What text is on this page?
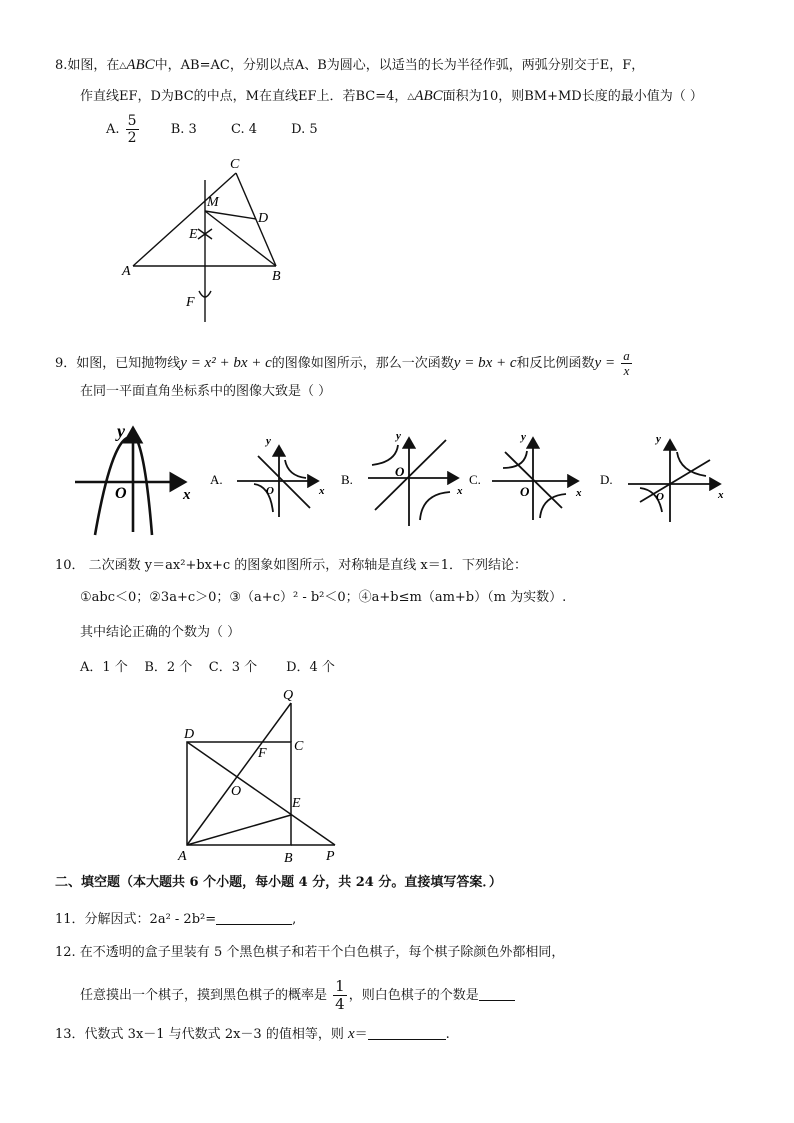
8.如图，在△ABC中，AB=AC，分别以点A、B为圆心，以适当的长为半径作弧，两弧分别交于E，F，
作直线EF，D为BC的中点，M在直线EF上．若BC=4，△ABC面积为10，则BM+MD长度的最小值为（ ）
A. $\frac{5}{2} B$. 3	C. 4	D. 5
C
M
D
E
A	B
F
9．如图，已知抛物线y = x² + bx + c的图像如图所示，那么一次函数y = bx + c和反比例函数$y = \frac{a}{x}$
在同一平面直角坐标系中的图像大致是（ ）
y
O	x
A.
y
O	x
B.
y
O
x
C.
y
O	x
D.
y
O	x
10． 二次函数 y＝ax²+bx+c 的图象如图所示，对称轴是直线 x＝1．下列结论：
①abc＜0；②3a+c＞0；③（a+c）² - b²＜0；④a+b≤m（am+b）（m 为实数）.
其中结论正确的个数为（ ）
A．1 个    B．2 个    C．3 个       D．4 个
Q
D
C
F
O
E
A	B P
二、填空题（本大题共 6 个小题，每小题 4 分，共 24 分。直接填写答案．）
11．分解因式：2a² - 2b²=	,
12. 在不透明的盒子里装有 5 个黑色棋子和若干个白色棋子，每个棋子除颜色外都相同，
任意摸出一个棋子，摸到黑色棋子的概率是 $\frac{1}{4}$ ，则白色棋子的个数是
13．代数式 3x－1 与代数式 2x－3 的值相等，则 x＝	.
